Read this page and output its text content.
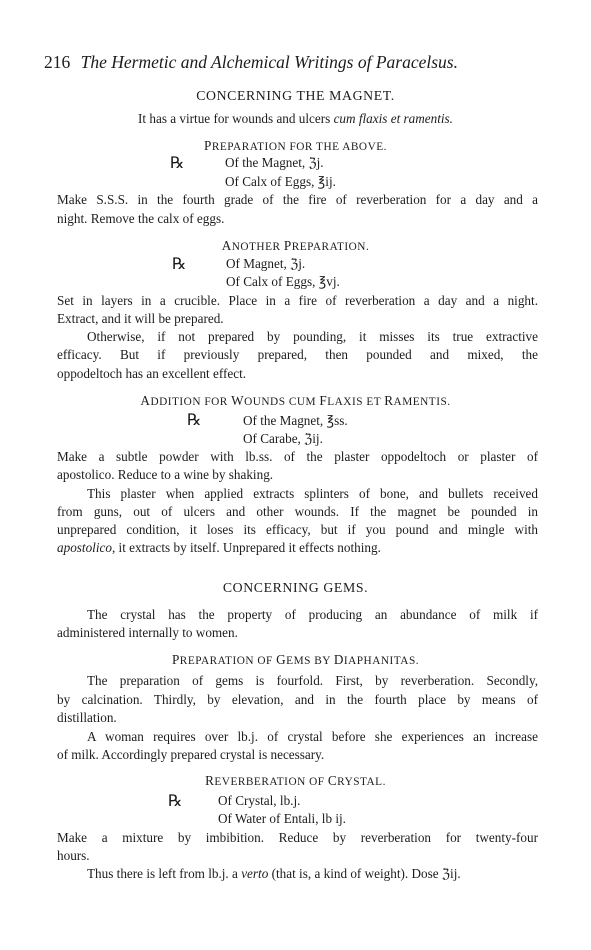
216 The Hermetic and Alchemical Writings of Paracelsus.
CONCERNING THE MAGNET.
It has a virtue for wounds and ulcers cum flaxis et ramentis.
PREPARATION FOR THE ABOVE.
℞	Of the Magnet, ℨj.
Of Calx of Eggs, ℥ij.
Make S.S.S. in the fourth grade of the fire of reverberation for a day and a
night. Remove the calx of eggs.
ANOTHER PREPARATION.
℞	Of Magnet, ℨj.
Of Calx of Eggs, ℥vj.
Set in layers in a crucible. Place in a fire of reverberation a day and a night.
Extract, and it will be prepared.
Otherwise, if not prepared by pounding, it misses its true extractive
efficacy. But if previously prepared, then pounded and mixed, the
oppodeltoch has an excellent effect.
ADDITION FOR WOUNDS CUM FLAXIS ET RAMENTIS.
℞	Of the Magnet, ℥ss.
Of Carabe, ℨij.
Make a subtle powder with lb.ss. of the plaster oppodeltoch or plaster of
apostolico. Reduce to a wine by shaking.
This plaster when applied extracts splinters of bone, and bullets received
from guns, out of ulcers and other wounds. If the magnet be pounded in
unprepared condition, it loses its efficacy, but if you pound and mingle with
apostolico, it extracts by itself. Unprepared it effects nothing.
CONCERNING GEMS.
The crystal has the property of producing an abundance of milk if
administered internally to women.
PREPARATION OF GEMS BY DIAPHANITAS.
The preparation of gems is fourfold. First, by reverberation. Secondly,
by calcination. Thirdly, by elevation, and in the fourth place by means of
distillation.
A woman requires over lb.j. of crystal before she experiences an increase
of milk. Accordingly prepared crystal is necessary.
REVERBERATION OF CRYSTAL.
℞	Of Crystal, lb.j.
Of Water of Entali, lb ij.
Make a mixture by imbibition. Reduce by reverberation for twenty-four
hours.
Thus there is left from lb.j. a verto (that is, a kind of weight). Dose ℨij.
